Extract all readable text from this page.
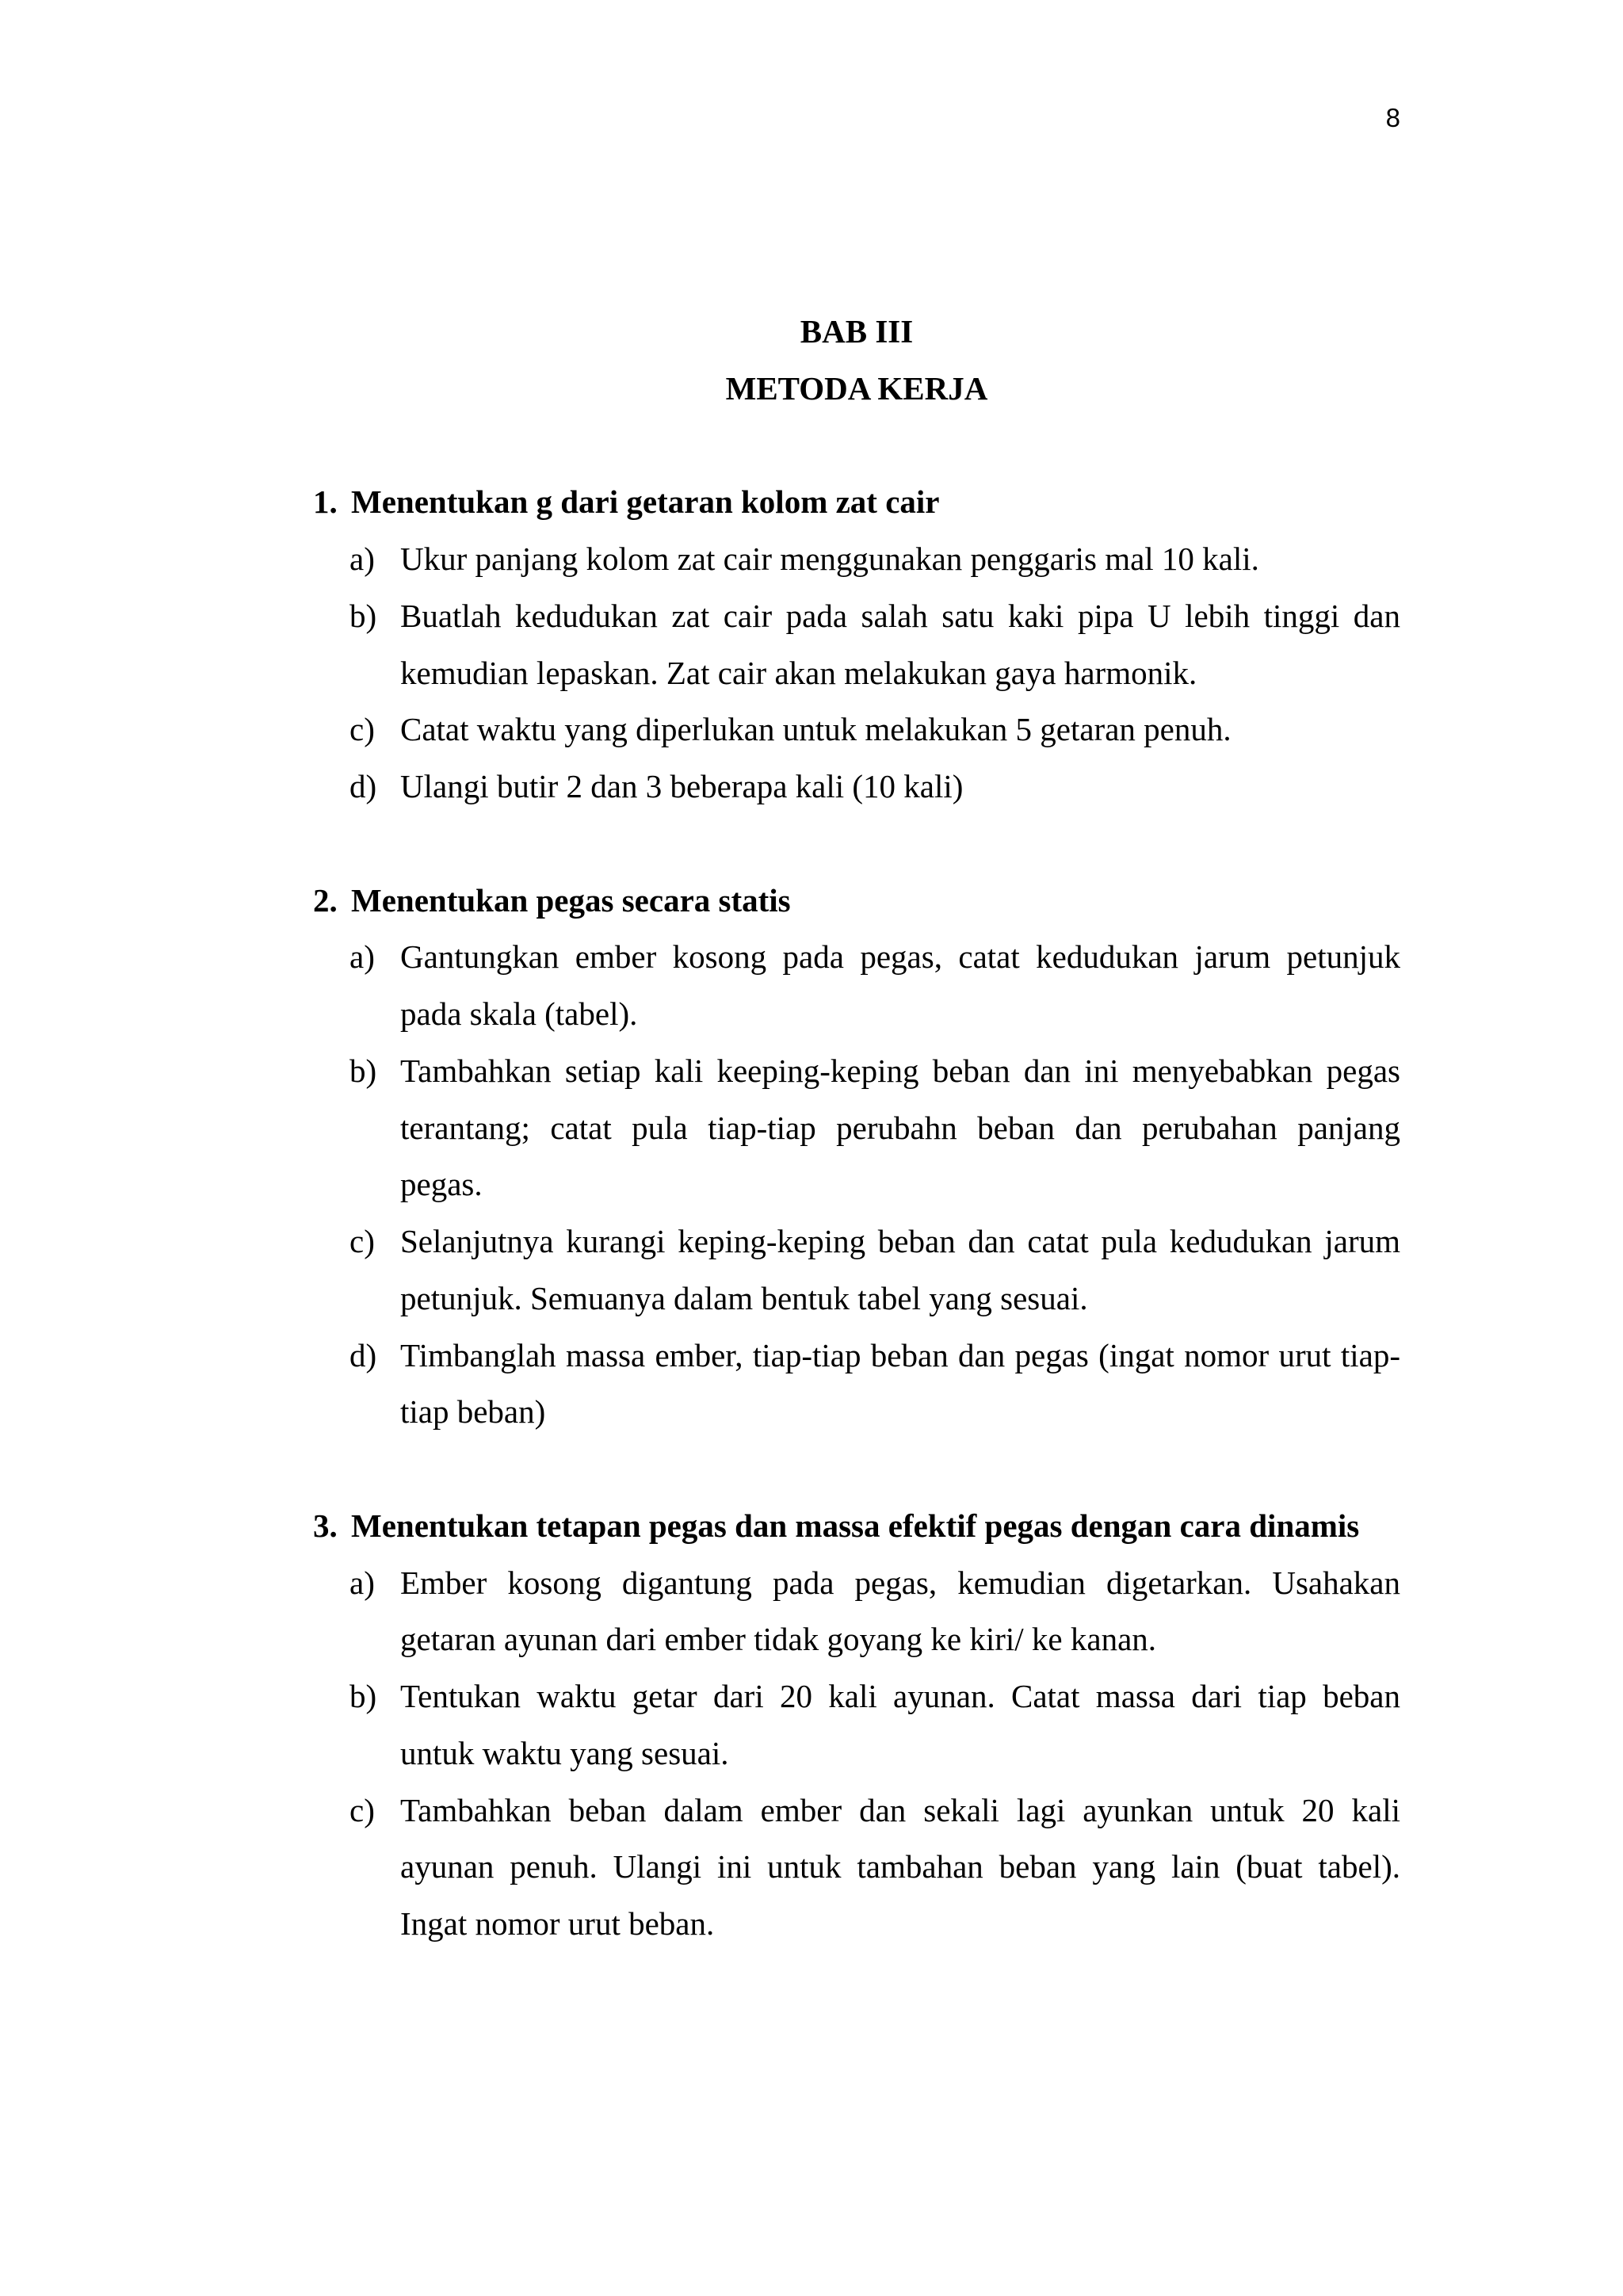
8
BAB III
METODA KERJA
1. Menentukan g dari getaran kolom zat cair
a) Ukur panjang kolom zat cair menggunakan penggaris mal 10 kali.
b) Buatlah kedudukan zat cair pada salah satu kaki pipa U lebih tinggi dan
kemudian lepaskan. Zat cair akan melakukan gaya harmonik.
c) Catat waktu yang diperlukan untuk melakukan 5 getaran penuh.
d) Ulangi butir 2 dan 3 beberapa kali (10 kali)
2. Menentukan pegas secara statis
a) Gantungkan ember kosong pada pegas, catat kedudukan jarum petunjuk
pada skala (tabel).
b) Tambahkan setiap kali keeping-keping beban dan ini menyebabkan pegas
terantang; catat pula tiap-tiap perubahn beban dan perubahan panjang
pegas.
c) Selanjutnya kurangi keping-keping beban dan catat pula kedudukan jarum
petunjuk. Semuanya dalam bentuk tabel yang sesuai.
d) Timbanglah massa ember, tiap-tiap beban dan pegas (ingat nomor urut tiap-
tiap beban)
3. Menentukan tetapan pegas dan massa efektif pegas dengan cara dinamis
a) Ember kosong digantung pada pegas, kemudian digetarkan. Usahakan
getaran ayunan dari ember tidak goyang ke kiri/ ke kanan.
b) Tentukan waktu getar dari 20 kali ayunan. Catat massa dari tiap beban
untuk waktu yang sesuai.
c) Tambahkan beban dalam ember dan sekali lagi ayunkan untuk 20 kali
ayunan penuh. Ulangi ini untuk tambahan beban yang lain (buat tabel).
Ingat nomor urut beban.
